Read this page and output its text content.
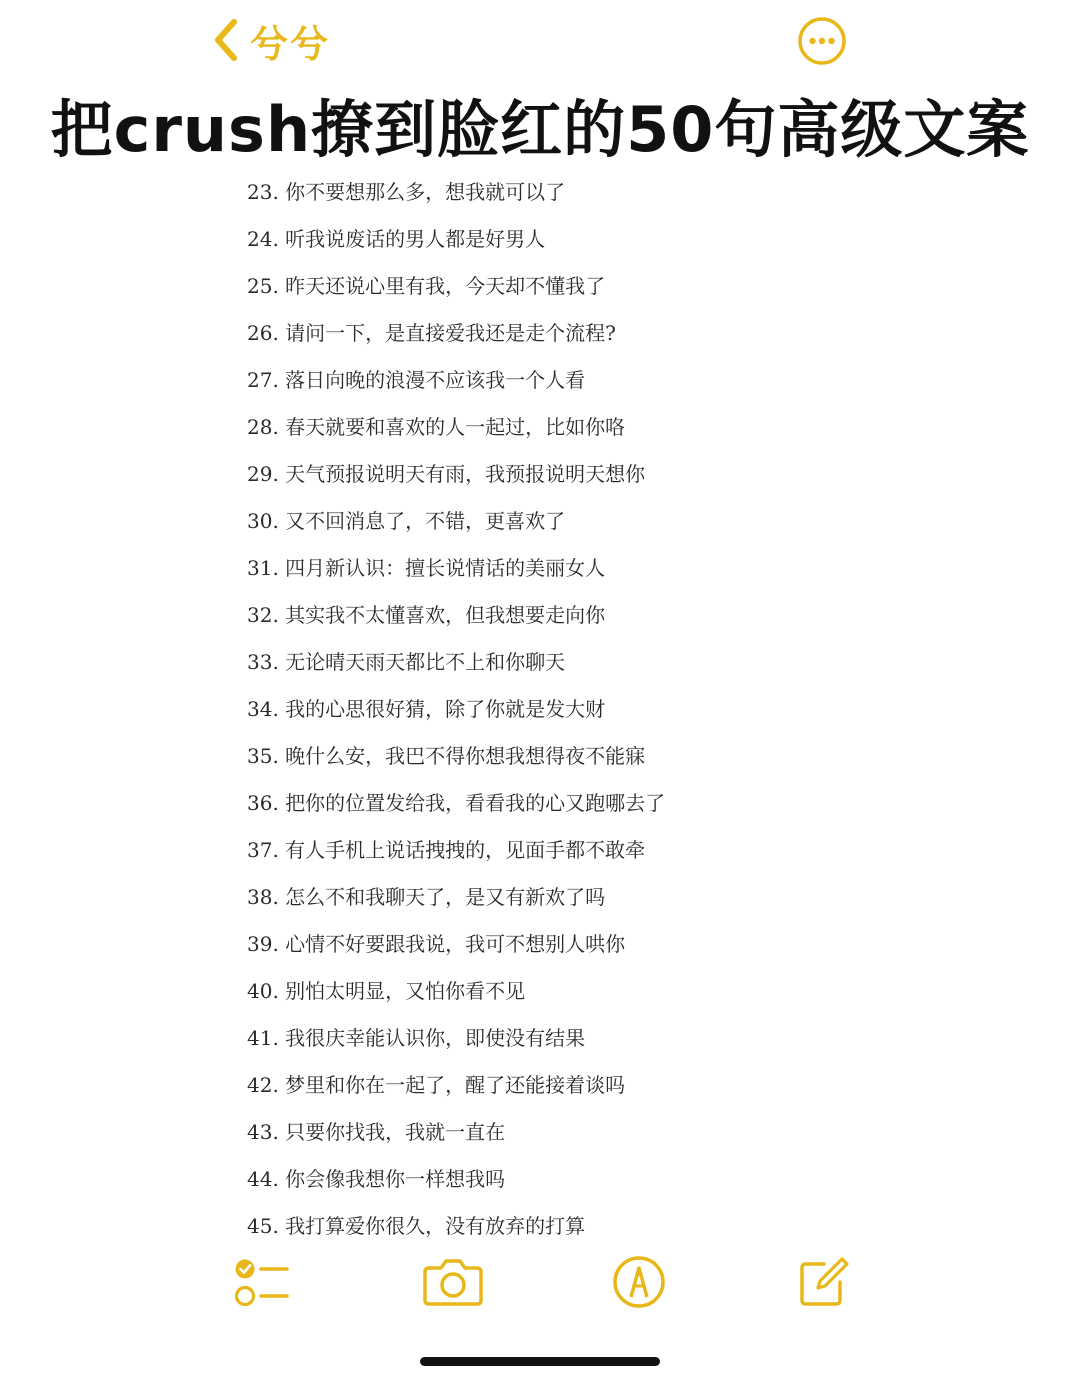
兮兮
把crush撩到脸红的50句高级文案
23. 你不要想那么多，想我就可以了
24. 听我说废话的男人都是好男人
25. 昨天还说心里有我，今天却不懂我了
26. 请问一下，是直接爱我还是走个流程?
27. 落日向晚的浪漫不应该我一个人看
28. 春天就要和喜欢的人一起过，比如你咯
29. 天气预报说明天有雨，我预报说明天想你
30. 又不回消息了，不错，更喜欢了
31. 四月新认识：擅长说情话的美丽女人
32. 其实我不太懂喜欢，但我想要走向你
33. 无论晴天雨天都比不上和你聊天
34. 我的心思很好猜，除了你就是发大财
35. 晚什么安，我巴不得你想我想得夜不能寐
36. 把你的位置发给我，看看我的心又跑哪去了
37. 有人手机上说话拽拽的，见面手都不敢牵
38. 怎么不和我聊天了，是又有新欢了吗
39. 心情不好要跟我说，我可不想别人哄你
40. 别怕太明显，又怕你看不见
41. 我很庆幸能认识你，即使没有结果
42. 梦里和你在一起了，醒了还能接着谈吗
43. 只要你找我，我就一直在
44. 你会像我想你一样想我吗
45. 我打算爱你很久，没有放弃的打算
